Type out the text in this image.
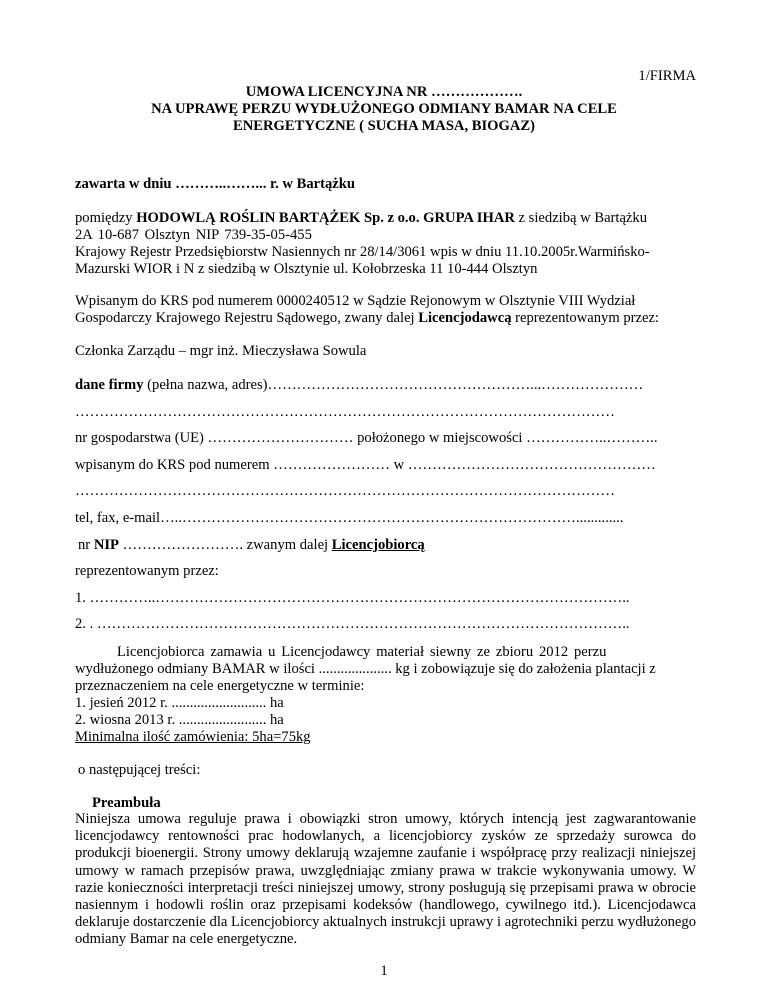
1/FIRMA
UMOWA LICENCYJNA NR ……………….
NA UPRAWĘ PERZU WYDŁUŻONEGO ODMIANY BAMAR NA CELE
ENERGETYCZNE ( SUCHA MASA, BIOGAZ)
zawarta w dniu ………..……... r. w Bartążku
pomiędzy HODOWLĄ ROŚLIN BARTĄŻEK Sp. z o.o. GRUPA IHAR z siedzibą w Bartążku
2A 10-687 Olsztyn NIP 739-35-05-455
Krajowy Rejestr Przedsiębiorstw Nasiennych nr 28/14/3061 wpis w dniu 11.10.2005r.Warmińsko-
Mazurski WIOR i N z siedzibą w Olsztynie ul. Kołobrzeska 11 10-444 Olsztyn
Wpisanym do KRS pod numerem 0000240512 w Sądzie Rejonowym w Olsztynie VIII Wydział
Gospodarczy Krajowego Rejestru Sądowego, zwany dalej Licencjodawcą reprezentowanym przez:
Członka Zarządu – mgr inż. Mieczysława Sowula
dane firmy (pełna nazwa, adres)………………………………………………...…………………
…………………………………………………………………………………………………
nr gospodarstwa (UE) ………………………… położonego w miejscowości ……………..………..
wpisanym do KRS pod numerem …………………… w ……………………………………………
…………………………………………………………………………………………………
tel, fax, e-mail…..……………………………………………………………………….............
nr NIP ……………………. zwanym dalej Licencjobiorcą
reprezentowanym przez:
1. …………..……………………………………………………………………………………..
2. . ………………………………………………………………………………………………..
Licencjobiorca zamawia u Licencjodawcy materiał siewny ze zbioru 2012 perzu
wydłużonego odmiany BAMAR w ilości .................... kg i zobowiązuje się do założenia plantacji z
przeznaczeniem na cele energetyczne w terminie:
1. jesień 2012 r. .......................... ha
2. wiosna 2013 r. ........................ ha
Minimalna ilość zamówienia: 5ha=75kg
o następującej treści:
Preambuła
Niniejsza umowa reguluje prawa i obowiązki stron umowy, których intencją jest zagwarantowanie licencjodawcy rentowności prac hodowlanych, a licencjobiorcy zysków ze sprzedaży surowca do produkcji bioenergii. Strony umowy deklarują wzajemne zaufanie i współpracę przy realizacji niniejszej umowy w ramach przepisów prawa, uwzględniając zmiany prawa w trakcie wykonywania umowy. W razie konieczności interpretacji treści niniejszej umowy, strony posługują się przepisami prawa w obrocie nasiennym i hodowli roślin oraz przepisami kodeksów (handlowego, cywilnego itd.). Licencjodawca deklaruje dostarczenie dla Licencjobiorcy aktualnych instrukcji uprawy i agrotechniki perzu wydłużonego odmiany Bamar na cele energetyczne.
1
